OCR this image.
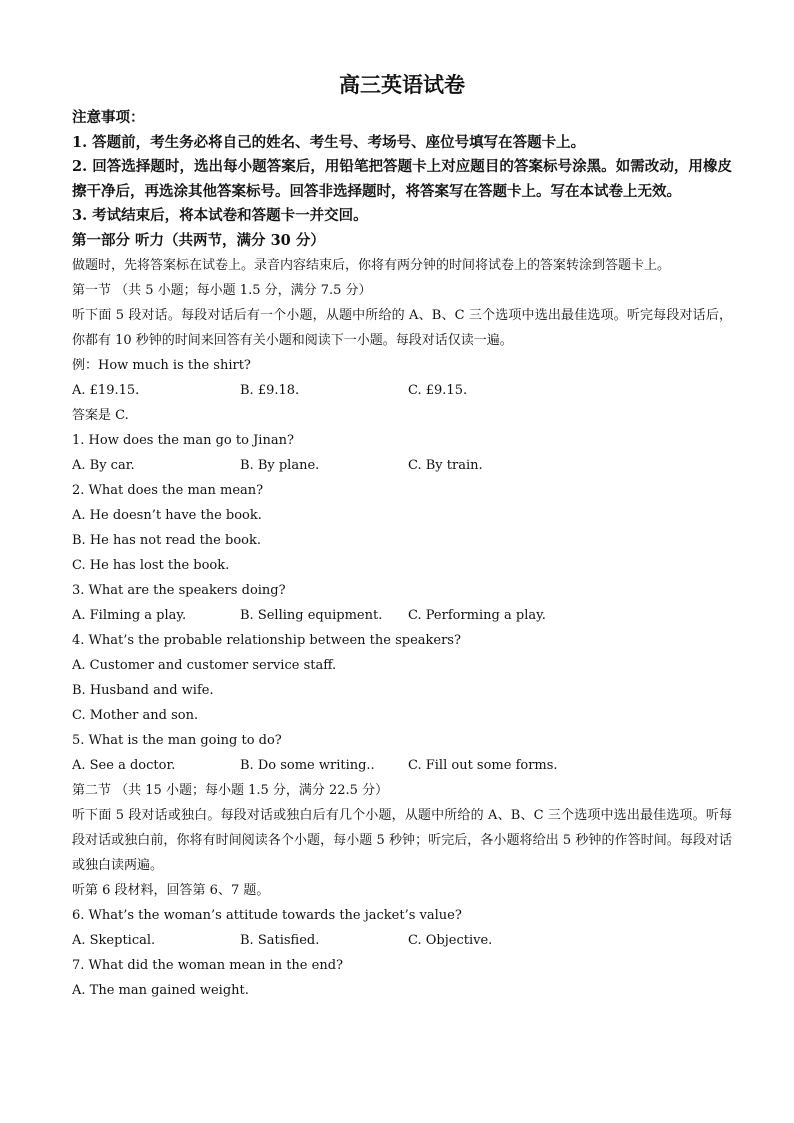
高三英语试卷
注意事项：
1. 答题前，考生务必将自己的姓名、考生号、考场号、座位号填写在答题卡上。
2. 回答选择题时，选出每小题答案后，用铅笔把答题卡上对应题目的答案标号涂黑。如需改动，用橡皮擦干净后，再选涂其他答案标号。回答非选择题时，将答案写在答题卡上。写在本试卷上无效。
3. 考试结束后，将本试卷和答题卡一并交回。
第一部分 听力（共两节，满分 30 分）
做题时，先将答案标在试卷上。录音内容结束后，你将有两分钟的时间将试卷上的答案转涂到答题卡上。
第一节 （共 5 小题；每小题 1.5 分，满分 7.5 分）
听下面 5 段对话。每段对话后有一个小题，从题中所给的 A、B、C 三个选项中选出最佳选项。听完每段对话后，你都有 10 秒钟的时间来回答有关小题和阅读下一小题。每段对话仅读一遍。
例：How much is the shirt?
A. £19.15.	B. £9.18.	C. £9.15.
答案是 C.
1. How does the man go to Jinan?
A. By car.	B. By plane.	C. By train.
2. What does the man mean?
A. He doesn’t have the book.
B. He has not read the book.
C. He has lost the book.
3. What are the speakers doing?
A. Filming a play.	B. Selling equipment.	C. Performing a play.
4. What’s the probable relationship between the speakers?
A. Customer and customer service staff.
B. Husband and wife.
C. Mother and son.
5. What is the man going to do?
A. See a doctor.	B. Do some writing..	C. Fill out some forms.
第二节 （共 15 小题；每小题 1.5 分，满分 22.5 分）
听下面 5 段对话或独白。每段对话或独白后有几个小题，从题中所给的 A、B、C 三个选项中选出最佳选项。听每段对话或独白前，你将有时间阅读各个小题，每小题 5 秒钟；听完后，各小题将给出 5 秒钟的作答时间。每段对话或独白读两遍。
听第 6 段材料，回答第 6、7 题。
6. What’s the woman’s attitude towards the jacket’s value?
A. Skeptical.	B. Satisfied.	C. Objective.
7. What did the woman mean in the end?
A. The man gained weight.
